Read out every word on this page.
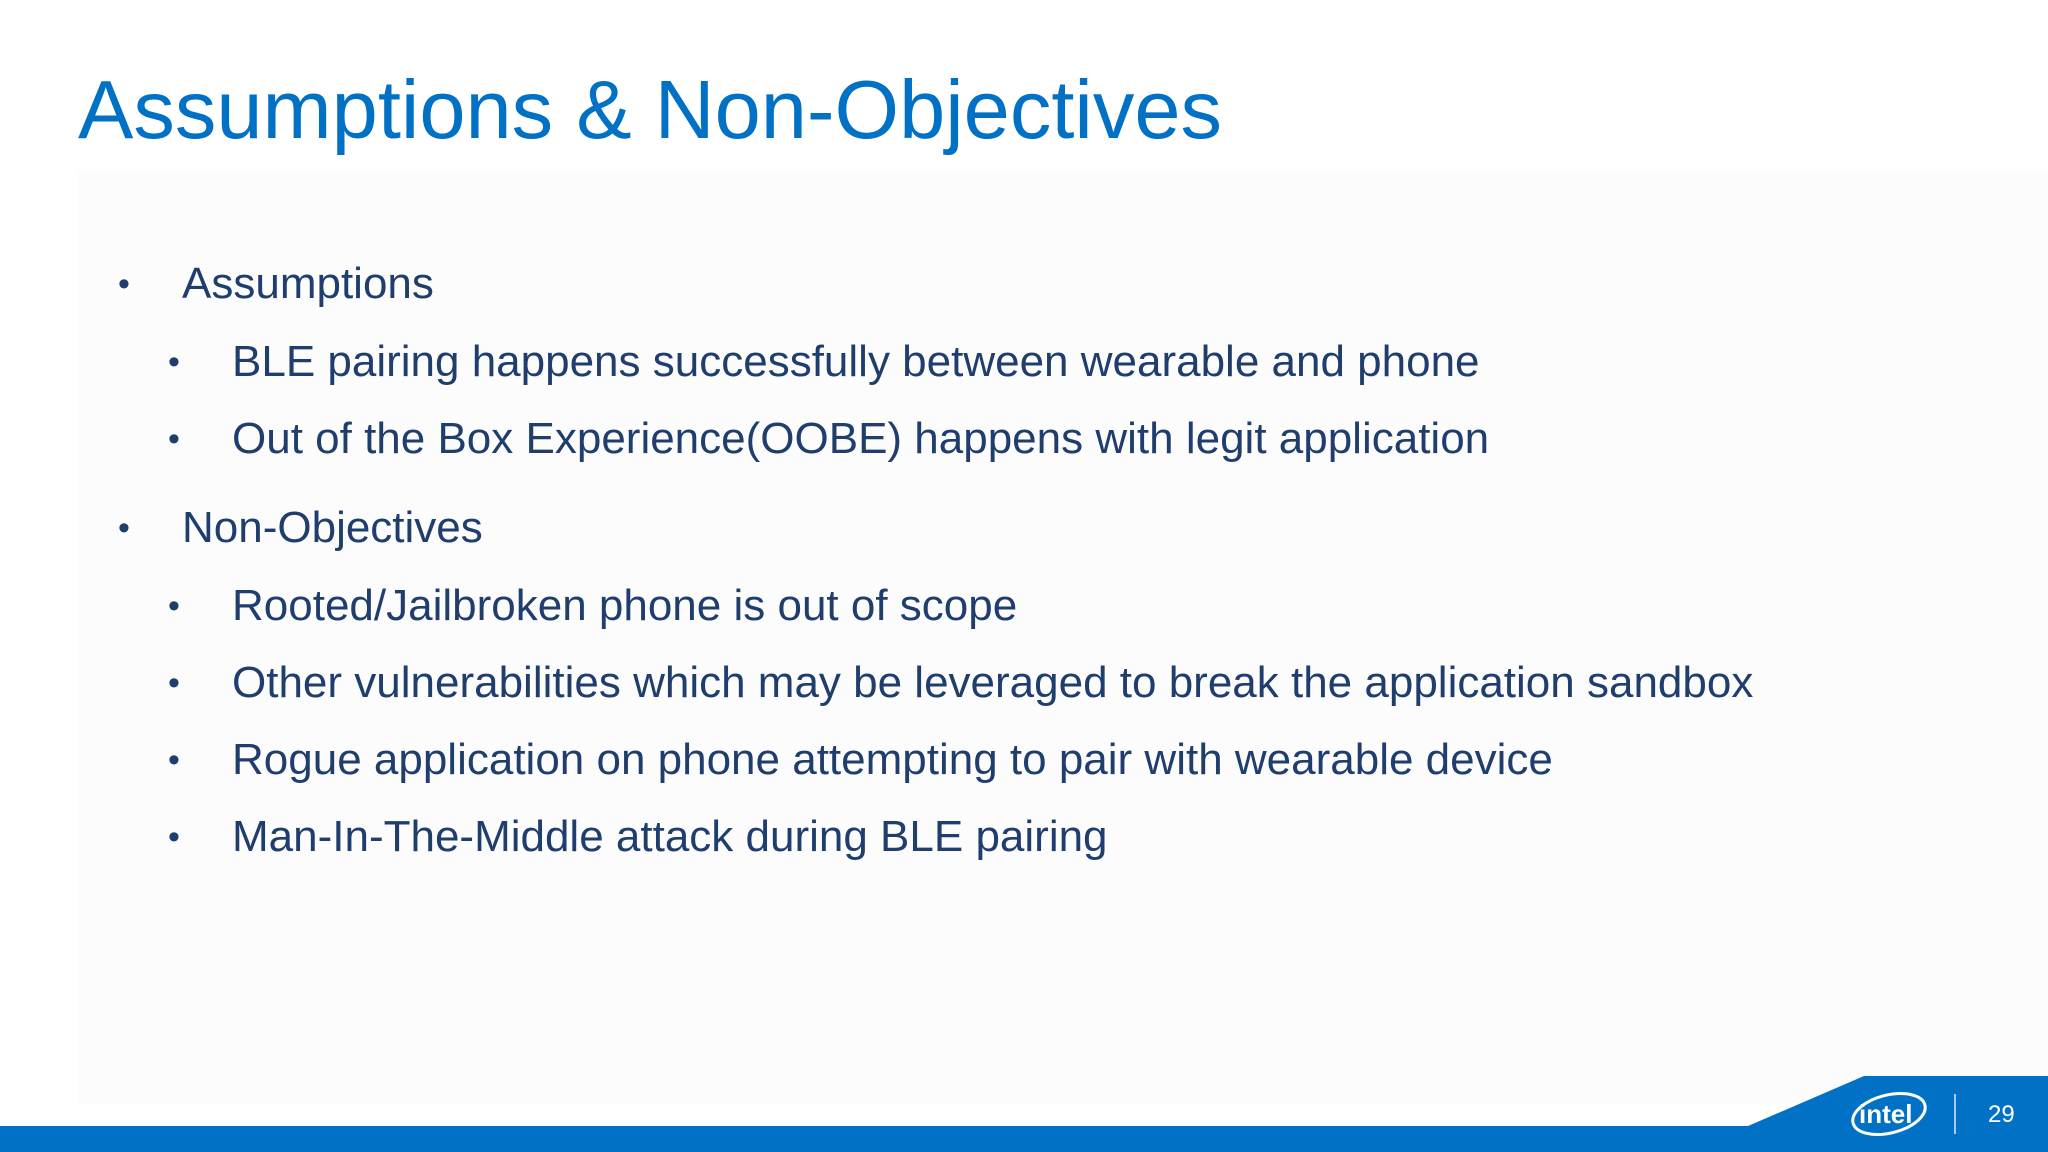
Assumptions & Non-Objectives
• Assumptions
• BLE pairing happens successfully between wearable and phone
• Out of the Box Experience(OOBE) happens with legit application
• Non-Objectives
• Rooted/Jailbroken phone is out of scope
• Other vulnerabilities which may be leveraged to break the application sandbox
• Rogue application on phone attempting to pair with wearable device
• Man-In-The-Middle attack during BLE pairing
intel	29
